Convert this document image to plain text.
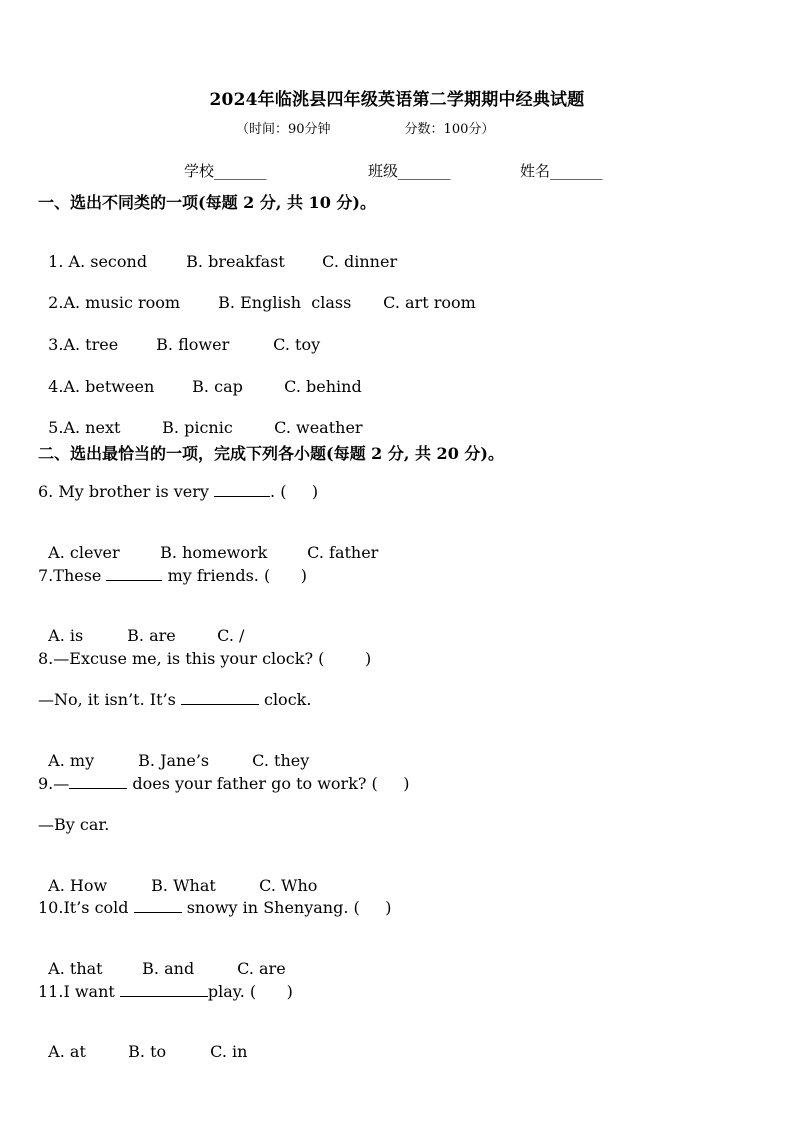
2024年临洮县四年级英语第二学期期中经典试题
（时间：90分钟	分数：100分）
学校_______	班级_______	姓名_______
一、选出不同类的一项(每题 2 分, 共 10 分)。

1. A. second B. breakfast C. dinner

2.A. music room B. English  class C. art room

3.A. tree B. flower	C. toy

4.A. between B. cap	C. behind

5.A. next	B. picnic	C. weather

二、选出最恰当的一项，完成下列各小题(每题 2 分, 共 20 分)。
6. My brother is very	. (     )

A. clever	B. homework C. father

7.These	my friends. (      )

A. is	B. are	C. /

8.—Excuse me, is this your clock? (        )
—No, it isn’t. It’s	clock.

A. my	B. Jane’s	C. they

9.—	does your father go to work? (     )
—By car.

A. How	B. What	C. Who

10.It’s cold	snowy in Shenyang. (     )

A. that B. and	C. are

11.I want	play. (      )

A. at	B. to	C. in
